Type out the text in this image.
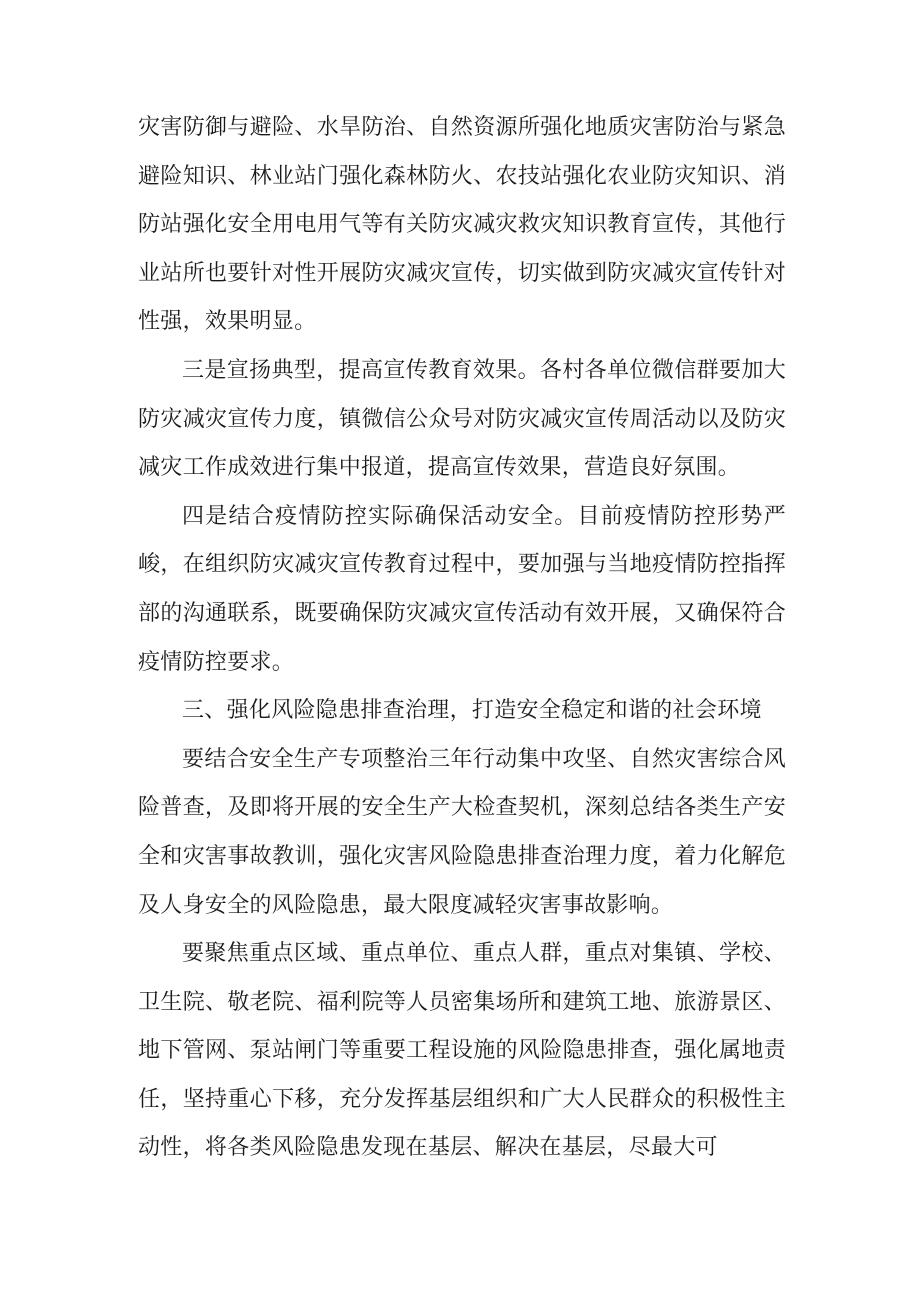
灾害防御与避险、水旱防治、自然资源所强化地质灾害防治与紧急避险知识、林业站门强化森林防火、农技站强化农业防灾知识、消防站强化安全用电用气等有关防灾减灾救灾知识教育宣传，其他行业站所也要针对性开展防灾减灾宣传，切实做到防灾减灾宣传针对性强，效果明显。

三是宣扬典型，提高宣传教育效果。各村各单位微信群要加大防灾减灾宣传力度，镇微信公众号对防灾减灾宣传周活动以及防灾减灾工作成效进行集中报道，提高宣传效果，营造良好氛围。

四是结合疫情防控实际确保活动安全。目前疫情防控形势严峻，在组织防灾减灾宣传教育过程中，要加强与当地疫情防控指挥部的沟通联系，既要确保防灾减灾宣传活动有效开展，又确保符合疫情防控要求。

三、强化风险隐患排查治理，打造安全稳定和谐的社会环境

要结合安全生产专项整治三年行动集中攻坚、自然灾害综合风险普查，及即将开展的安全生产大检查契机，深刻总结各类生产安全和灾害事故教训，强化灾害风险隐患排查治理力度，着力化解危及人身安全的风险隐患，最大限度减轻灾害事故影响。

要聚焦重点区域、重点单位、重点人群，重点对集镇、学校、卫生院、敬老院、福利院等人员密集场所和建筑工地、旅游景区、地下管网、泵站闸门等重要工程设施的风险隐患排查，强化属地责任，坚持重心下移，充分发挥基层组织和广大人民群众的积极性主动性，将各类风险隐患发现在基层、解决在基层，尽最大可
